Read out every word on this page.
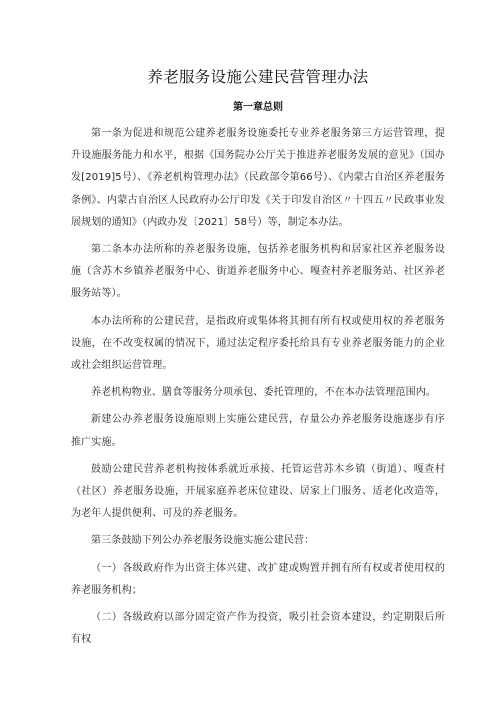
养老服务设施公建民营管理办法
第一章总则

第一条为促进和规范公建养老服务设施委托专业养老服务第三方运营管理，提升设施服务能力和水平，根据《国务院办公厅关于推进养老服务发展的意见》（国办发[2019]5号）、《养老机构管理办法》（民政部令第66号）、《内蒙古自治区养老服务条例》、内蒙古自治区人民政府办公厅印发《关于印发自治区〃十四五〃民政事业发展规划的通知》（内政办发〔2021〕58号）等，制定本办法。

第二条本办法所称的养老服务设施，包括养老服务机构和居家社区养老服务设施（含苏木乡镇养老服务中心、街道养老服务中心、嘎查村养老服务站、社区养老服务站等）。

本办法所称的公建民营，是指政府或集体将其拥有所有权或使用权的养老服务设施，在不改变权属的情况下，通过法定程序委托给具有专业养老服务能力的企业或社会组织运营管理。

养老机构物业、膳食等服务分项承包、委托管理的，不在本办法管理范围内。

新建公办养老服务设施原则上实施公建民营，存量公办养老服务设施逐步有序推广实施。

鼓励公建民营养老机构按体系就近承接、托管运营苏木乡镇（街道）、嘎查村（社区）养老服务设施，开展家庭养老床位建设、居家上门服务、适老化改造等，为老年人提供便利、可及的养老服务。

第三条鼓励下列公办养老服务设施实施公建民营：

（一）各级政府作为出资主体兴建、改扩建或购置并拥有所有权或者使用权的养老服务机构；

（二）各级政府以部分固定资产作为投资，吸引社会资本建设，约定期限后所有权
